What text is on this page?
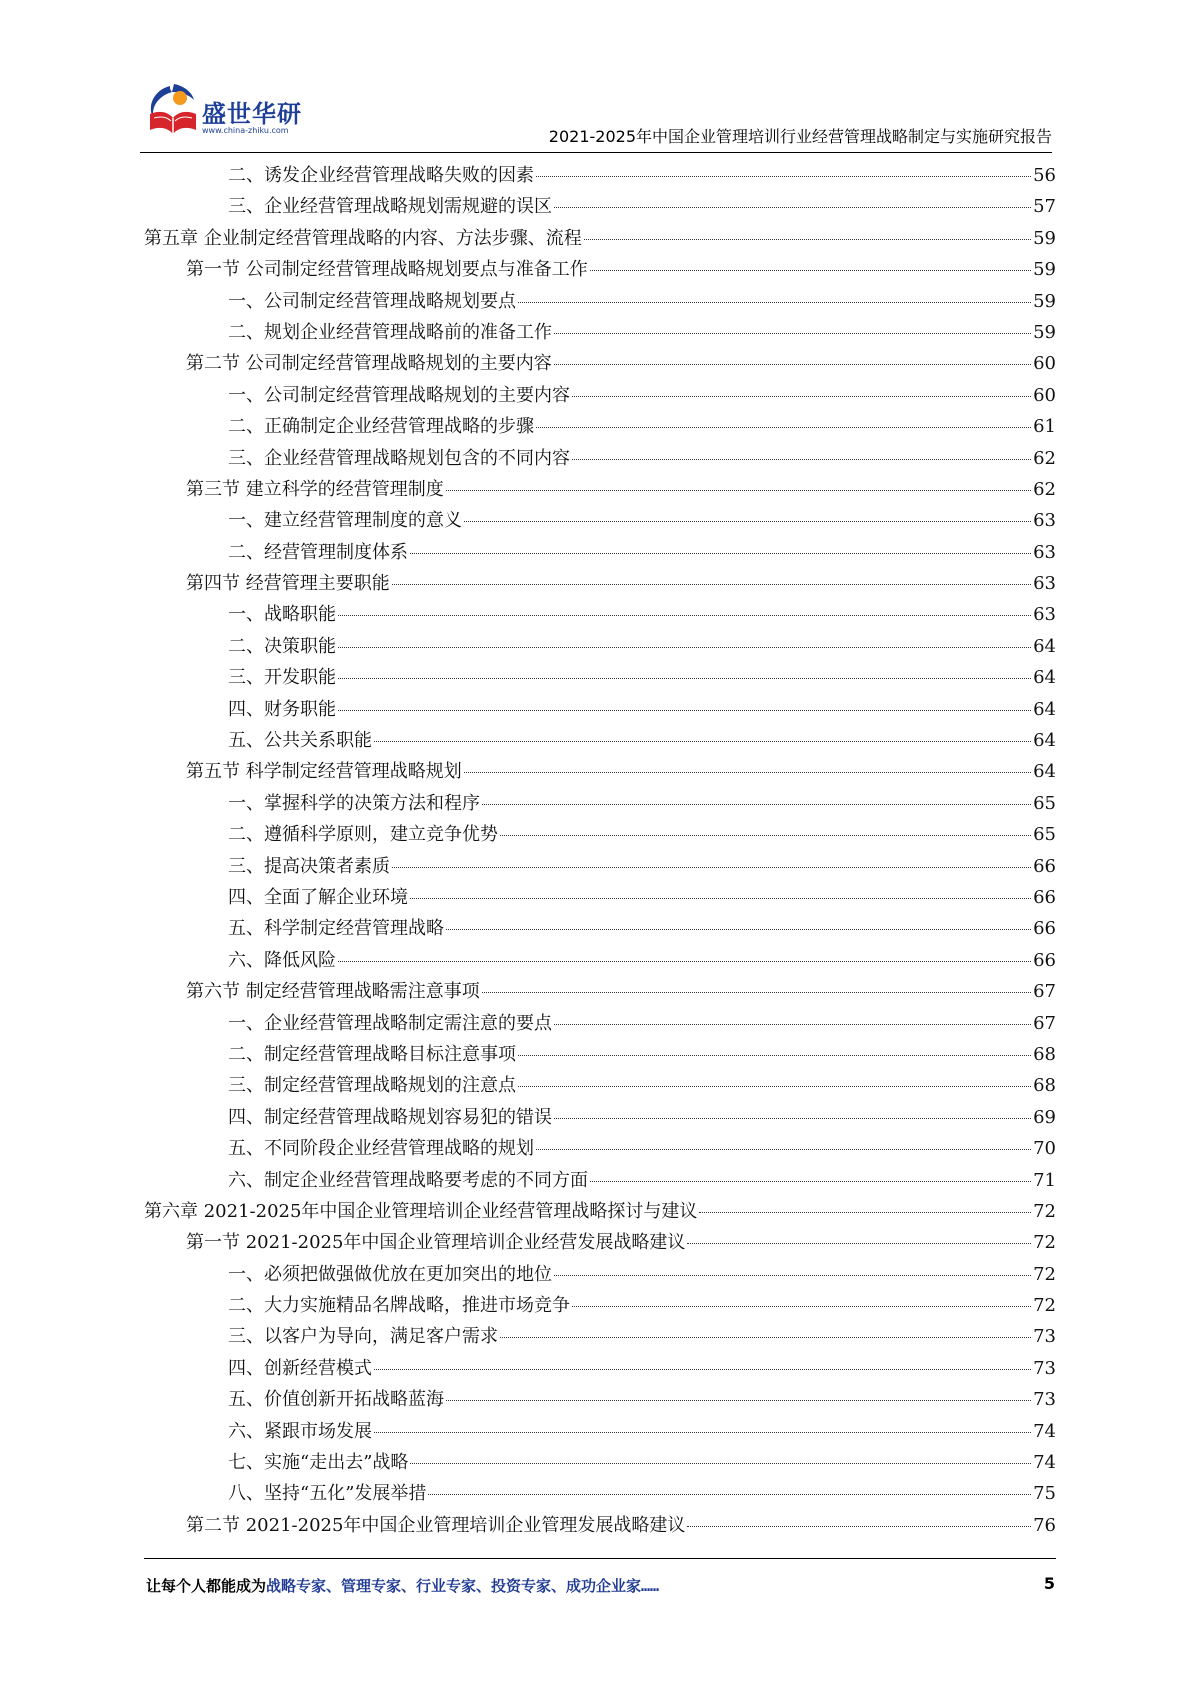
盛世华研
www.china-zhiku.com	2021-2025年中国企业管理培训行业经营管理战略制定与实施研究报告
二、诱发企业经营管理战略失败的因素	56
三、企业经营管理战略规划需规避的误区	57
第五章 企业制定经营管理战略的内容、方法步骤、流程	59
第一节 公司制定经营管理战略规划要点与准备工作	59
一、公司制定经营管理战略规划要点	59
二、规划企业经营管理战略前的准备工作	59
第二节 公司制定经营管理战略规划的主要内容	60
一、公司制定经营管理战略规划的主要内容	60
二、正确制定企业经营管理战略的步骤	61
三、企业经营管理战略规划包含的不同内容	62
第三节 建立科学的经营管理制度	62
一、建立经营管理制度的意义	63
二、经营管理制度体系	63
第四节 经营管理主要职能	63
一、战略职能	63
二、决策职能	64
三、开发职能	64
四、财务职能	64
五、公共关系职能	64
第五节 科学制定经营管理战略规划	64
一、掌握科学的决策方法和程序	65
二、遵循科学原则，建立竞争优势	65
三、提高决策者素质	66
四、全面了解企业环境	66
五、科学制定经营管理战略	66
六、降低风险	66
第六节 制定经营管理战略需注意事项	67
一、企业经营管理战略制定需注意的要点	67
二、制定经营管理战略目标注意事项	68
三、制定经营管理战略规划的注意点	68
四、制定经营管理战略规划容易犯的错误	69
五、不同阶段企业经营管理战略的规划	70
六、制定企业经营管理战略要考虑的不同方面	71
第六章 2021-2025年中国企业管理培训企业经营管理战略探讨与建议	72
第一节 2021-2025年中国企业管理培训企业经营发展战略建议	72
一、必须把做强做优放在更加突出的地位	72
二、大力实施精品名牌战略，推进市场竞争	72
三、以客户为导向，满足客户需求	73
四、创新经营模式	73
五、价值创新开拓战略蓝海	73
六、紧跟市场发展	74
七、实施“走出去”战略	74
八、坚持“五化”发展举措	75
第二节 2021-2025年中国企业管理培训企业管理发展战略建议	76
让每个人都能成为战略专家、管理专家、行业专家、投资专家、成功企业家……	5
